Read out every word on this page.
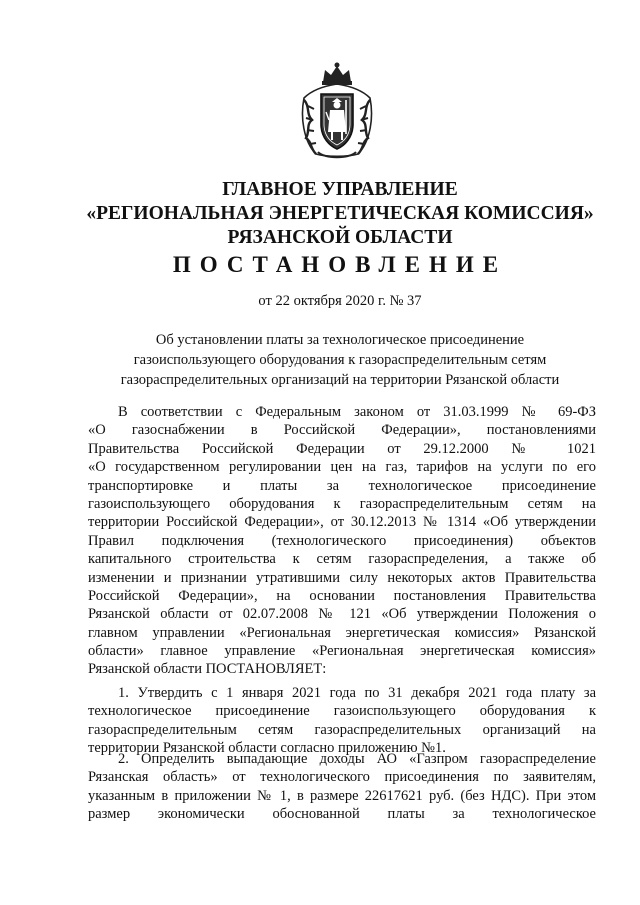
ГЛАВНОЕ УПРАВЛЕНИЕ
«РЕГИОНАЛЬНАЯ ЭНЕРГЕТИЧЕСКАЯ КОМИССИЯ»
РЯЗАНСКОЙ ОБЛАСТИ
ПОСТАНОВЛЕНИЕ
от 22 октября 2020 г. № 37
Об установлении платы за технологическое присоединение
газоиспользующего оборудования к газораспределительным сетям
газораспределительных организаций на территории Рязанской области
В соответствии с Федеральным законом от 31.03.1999 № 69-ФЗ
«О газоснабжении в Российской Федерации», постановлениями
Правительства Российской Федерации от 29.12.2000 № 1021
«О государственном регулировании цен на газ, тарифов на услуги по его
транспортировке и платы за технологическое присоединение
газоиспользующего оборудования к газораспределительным сетям на
территории Российской Федерации», от 30.12.2013 № 1314 «Об утверждении
Правил подключения (технологического присоединения) объектов
капитального строительства к сетям газораспределения, а также об
изменении и признании утратившими силу некоторых актов Правительства
Российской Федерации», на основании постановления Правительства
Рязанской области от 02.07.2008 № 121 «Об утверждении Положения о
главном управлении «Региональная энергетическая комиссия» Рязанской
области» главное управление «Региональная энергетическая комиссия»
Рязанской области ПОСТАНОВЛЯЕТ:
1. Утвердить с 1 января 2021 года по 31 декабря 2021 года плату за
технологическое присоединение газоиспользующего оборудования к
газораспределительным сетям газораспределительных организаций на
территории Рязанской области согласно приложению №1.
2. Определить выпадающие доходы АО «Газпром газораспределение
Рязанская область» от технологического присоединения по заявителям,
указанным в приложении № 1, в размере 22617621 руб. (без НДС). При этом
размер экономически обоснованной платы за технологическое
